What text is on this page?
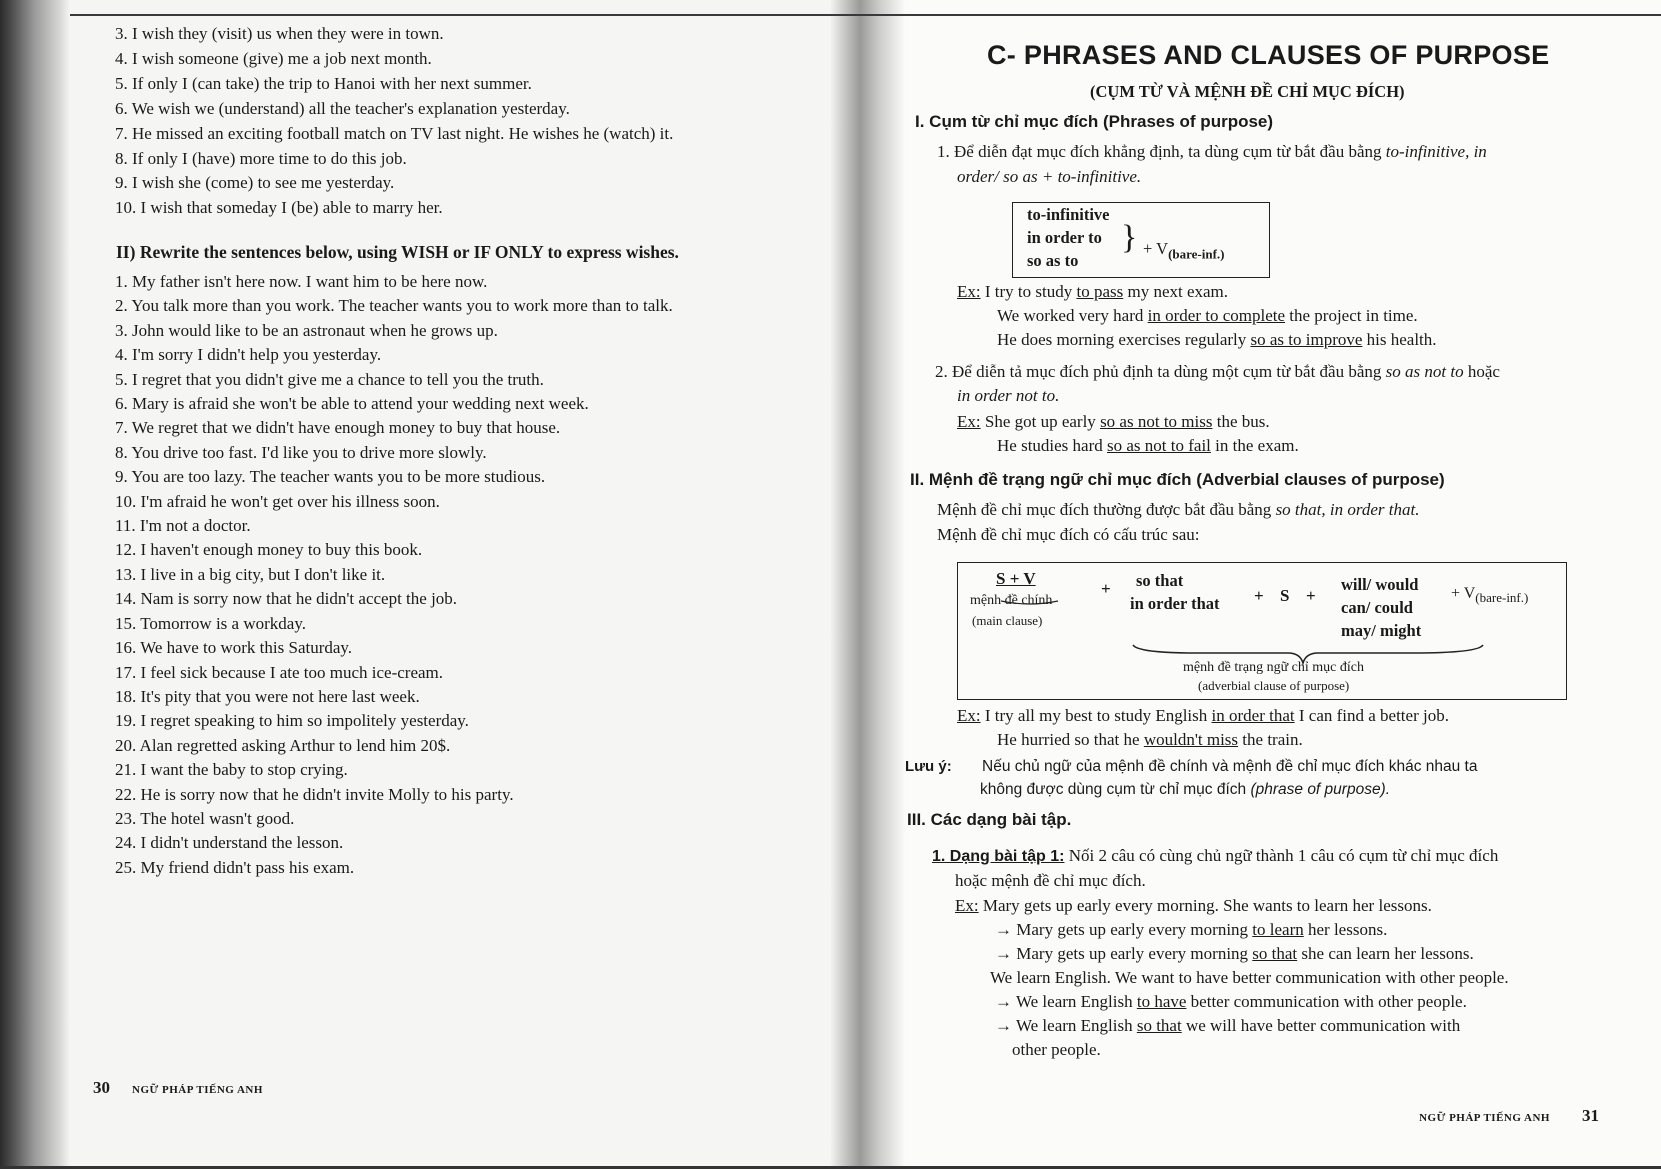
3. I wish they (visit) us when they were in town.
4. I wish someone (give) me a job next month.
5. If only I (can take) the trip to Hanoi with her next summer.
6. We wish we (understand) all the teacher's explanation yesterday.
7. He missed an exciting football match on TV last night. He wishes he (watch) it.
8. If only I (have) more time to do this job.
9. I wish she (come) to see me yesterday.
10. I wish that someday I (be) able to marry her.
II) Rewrite the sentences below, using WISH or IF ONLY to express wishes.
1. My father isn't here now. I want him to be here now.
2. You talk more than you work. The teacher wants you to work more than to talk.
3. John would like to be an astronaut when he grows up.
4. I'm sorry I didn't help you yesterday.
5. I regret that you didn't give me a chance to tell you the truth.
6. Mary is afraid she won't be able to attend your wedding next week.
7. We regret that we didn't have enough money to buy that house.
8. You drive too fast. I'd like you to drive more slowly.
9. You are too lazy. The teacher wants you to be more studious.
10. I'm afraid he won't get over his illness soon.
11. I'm not a doctor.
12. I haven't enough money to buy this book.
13. I live in a big city, but I don't like it.
14. Nam is sorry now that he didn't accept the job.
15. Tomorrow is a workday.
16. We have to work this Saturday.
17. I feel sick because I ate too much ice-cream.
18. It's pity that you were not here last week.
19. I regret speaking to him so impolitely yesterday.
20. Alan regretted asking Arthur to lend him 20$.
21. I want the baby to stop crying.
22. He is sorry now that he didn't invite Molly to his party.
23. The hotel wasn't good.
24. I didn't understand the lesson.
25. My friend didn't pass his exam.
30 NGỮ PHÁP TIẾNG ANH
C- PHRASES AND CLAUSES OF PURPOSE
(CỤM TỪ VÀ MỆNH ĐỀ CHỈ MỤC ĐÍCH)
I. Cụm từ chỉ mục đích (Phrases of purpose)
1. Để diễn đạt mục đích khẳng định, ta dùng cụm từ bắt đầu bằng to-infinitive, in
order/ so as + to-infinitive.
to-infinitive
in order to
so as to
} + $V_{(bare-inf.)}$
Ex: I try to study to pass my next exam.
We worked very hard in order to complete the project in time.
He does morning exercises regularly so as to improve his health.
2. Để diễn tả mục đích phủ định ta dùng một cụm từ bắt đầu bằng so as not to hoặc
in order not to.
Ex: She got up early so as not to miss the bus.
He studies hard so as not to fail in the exam.
II. Mệnh đề trạng ngữ chỉ mục đích (Adverbial clauses of purpose)
Mệnh đề chỉ mục đích thường được bắt đầu bằng so that, in order that.
Mệnh đề chỉ mục đích có cấu trúc sau:
S + V
mệnh đề chính
(main clause)
+ so that
in order that + S +
will/ would
can/ could
may/ might
+ $V_{(bare-inf.)}$
mệnh đề trạng ngữ chỉ mục đích
(adverbial clause of purpose)
Ex: I try all my best to study English in order that I can find a better job.
He hurried so that he wouldn't miss the train.
Lưu ý: Nếu chủ ngữ của mệnh đề chính và mệnh đề chỉ mục đích khác nhau ta
không được dùng cụm từ chỉ mục đích (phrase of purpose).
III. Các dạng bài tập.
1. Dạng bài tập 1: Nối 2 câu có cùng chủ ngữ thành 1 câu có cụm từ chỉ mục đích
hoặc mệnh đề chỉ mục đích.
Ex: Mary gets up early every morning. She wants to learn her lessons.
→ Mary gets up early every morning to learn her lessons.
→ Mary gets up early every morning so that she can learn her lessons.
We learn English. We want to have better communication with other people.
→ We learn English to have better communication with other people.
→ We learn English so that we will have better communication with
other people.
NGỮ PHÁP TIẾNG ANH 31
